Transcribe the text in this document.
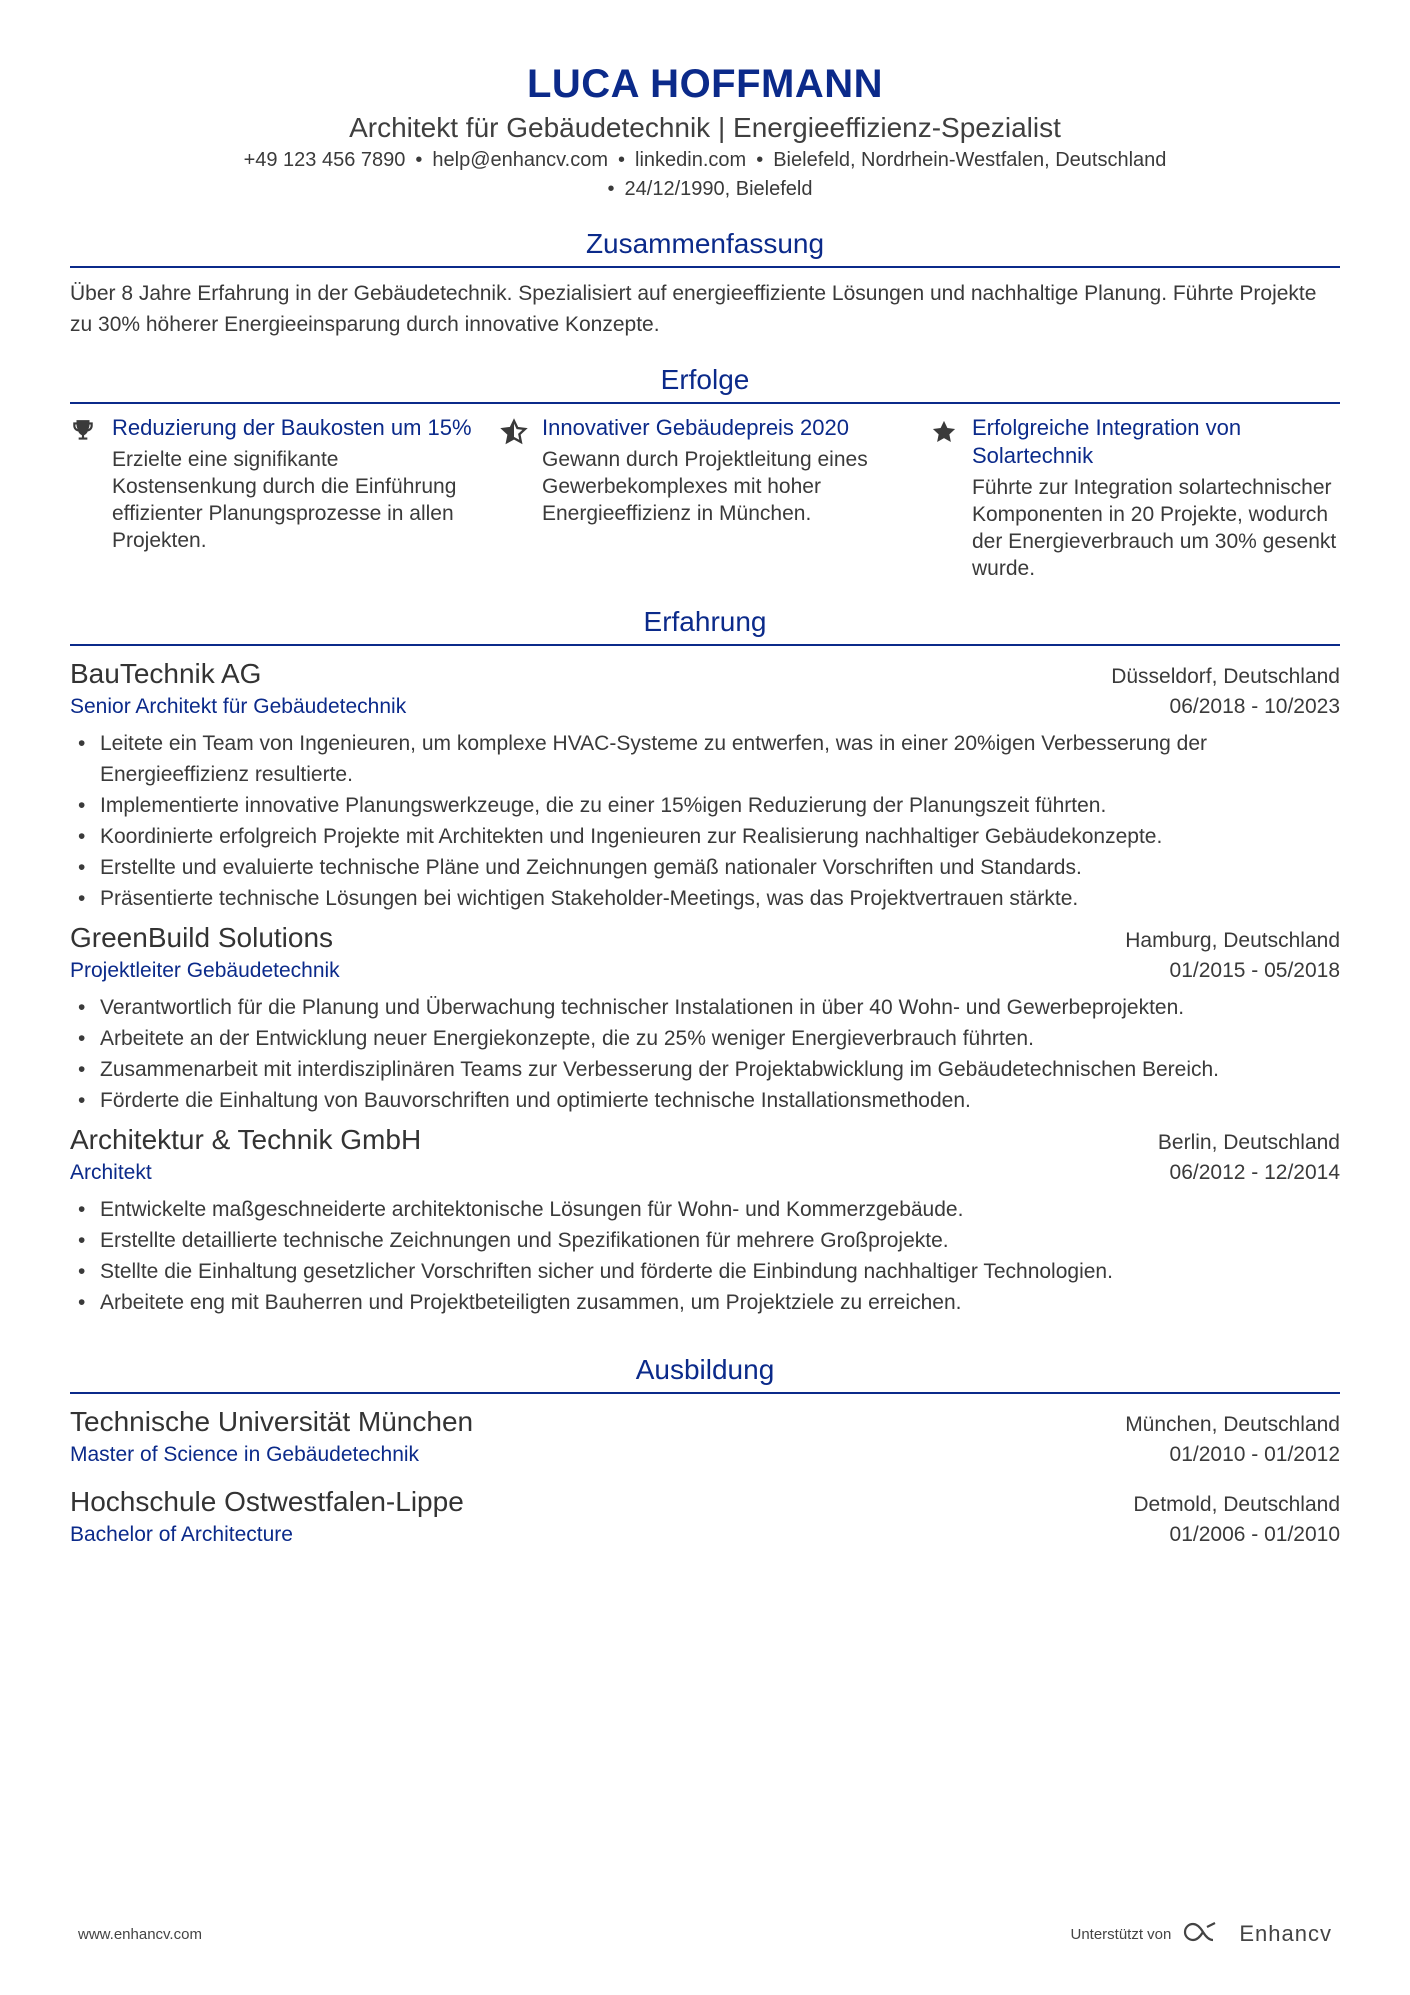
LUCA HOFFMANN
Architekt für Gebäudetechnik | Energieeffizienz-Spezialist
+49 123 456 7890 • help@enhancv.com • linkedin.com • Bielefeld, Nordrhein-Westfalen, Deutschland
• 24/12/1990, Bielefeld
Zusammenfassung
Über 8 Jahre Erfahrung in der Gebäudetechnik. Spezialisiert auf energieeffiziente Lösungen und nachhaltige Planung. Führte Projekte zu 30% höherer Energieeinsparung durch innovative Konzepte.
Erfolge
Reduzierung der Baukosten um 15%
Erzielte eine signifikante Kostensenkung durch die Einführung effizienter Planungsprozesse in allen Projekten.
Innovativer Gebäudepreis 2020
Gewann durch Projektleitung eines Gewerbekomplexes mit hoher Energieeffizienz in München.
Erfolgreiche Integration von Solartechnik
Führte zur Integration solartechnischer Komponenten in 20 Projekte, wodurch der Energieverbrauch um 30% gesenkt wurde.
Erfahrung
BauTechnik AG	Düsseldorf, Deutschland
Senior Architekt für Gebäudetechnik	06/2018 - 10/2023
• Leitete ein Team von Ingenieuren, um komplexe HVAC-Systeme zu entwerfen, was in einer 20%igen Verbesserung der Energieeffizienz resultierte.
• Implementierte innovative Planungswerkzeuge, die zu einer 15%igen Reduzierung der Planungszeit führten.
• Koordinierte erfolgreich Projekte mit Architekten und Ingenieuren zur Realisierung nachhaltiger Gebäudekonzepte.
• Erstellte und evaluierte technische Pläne und Zeichnungen gemäß nationaler Vorschriften und Standards.
• Präsentierte technische Lösungen bei wichtigen Stakeholder-Meetings, was das Projektvertrauen stärkte.
GreenBuild Solutions	Hamburg, Deutschland
Projektleiter Gebäudetechnik	01/2015 - 05/2018
• Verantwortlich für die Planung und Überwachung technischer Instalationen in über 40 Wohn- und Gewerbeprojekten.
• Arbeitete an der Entwicklung neuer Energiekonzepte, die zu 25% weniger Energieverbrauch führten.
• Zusammenarbeit mit interdisziplinären Teams zur Verbesserung der Projektabwicklung im Gebäudetechnischen Bereich.
• Förderte die Einhaltung von Bauvorschriften und optimierte technische Installationsmethoden.
Architektur & Technik GmbH	Berlin, Deutschland
Architekt	06/2012 - 12/2014
• Entwickelte maßgeschneiderte architektonische Lösungen für Wohn- und Kommerzgebäude.
• Erstellte detaillierte technische Zeichnungen und Spezifikationen für mehrere Großprojekte.
• Stellte die Einhaltung gesetzlicher Vorschriften sicher und förderte die Einbindung nachhaltiger Technologien.
• Arbeitete eng mit Bauherren und Projektbeteiligten zusammen, um Projektziele zu erreichen.
Ausbildung
Technische Universität München	München, Deutschland
Master of Science in Gebäudetechnik	01/2010 - 01/2012
Hochschule Ostwestfalen-Lippe	Detmold, Deutschland
Bachelor of Architecture	01/2006 - 01/2010
www.enhancv.com	Unterstützt von	Enhancv
